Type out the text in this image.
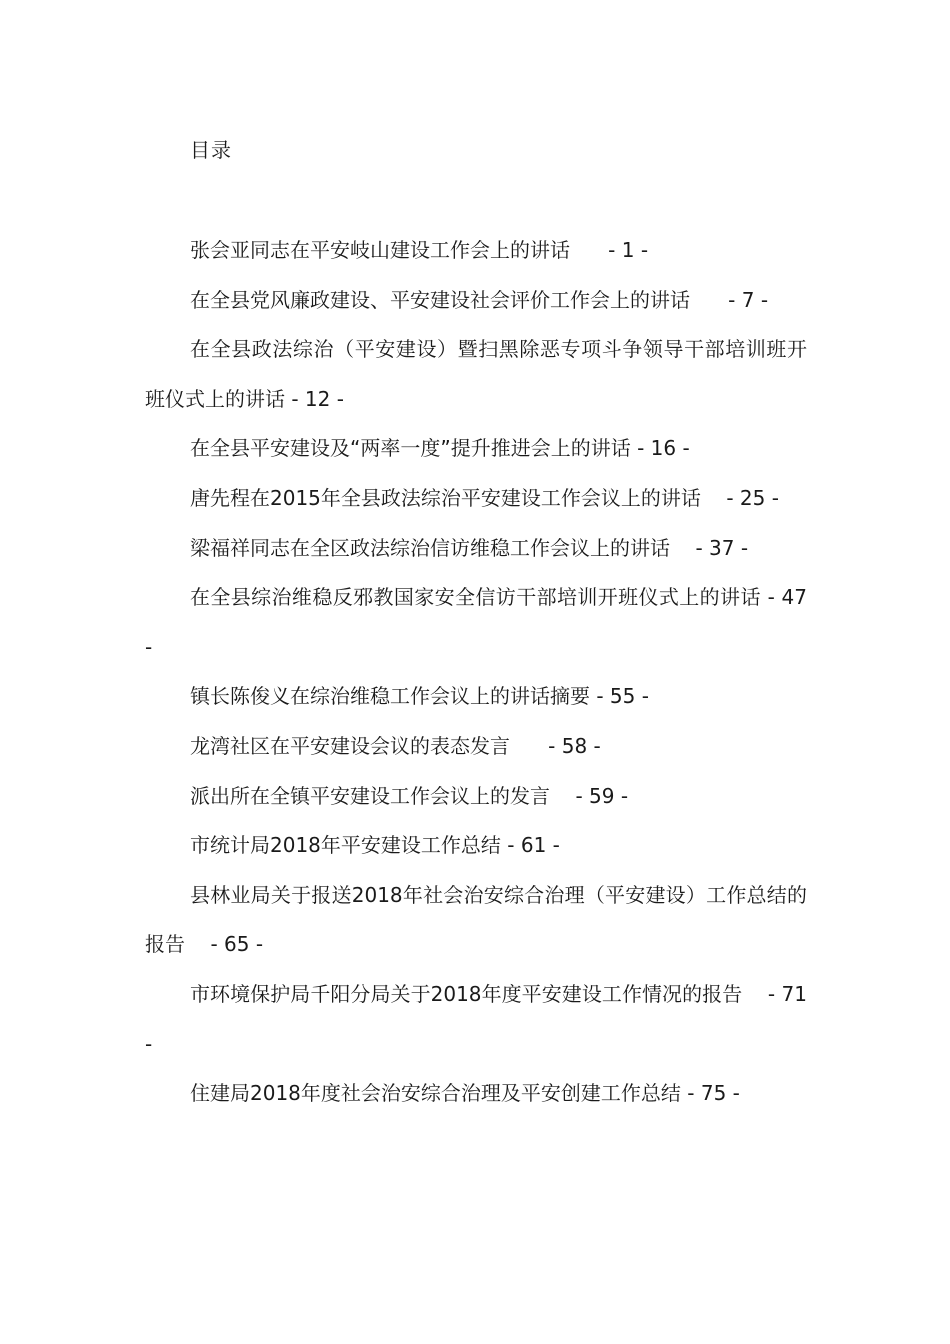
目录
张会亚同志在平安岐山建设工作会上的讲话 - 1 -
在全县党风廉政建设、平安建设社会评价工作会上的讲话 - 7 -
在全县政法综治（平安建设）暨扫黑除恶专项斗争领导干部培训班开班仪式上的讲话 - 12 -
在全县平安建设及“两率一度”提升推进会上的讲话 - 16 -
唐先程在2015年全县政法综治平安建设工作会议上的讲话 - 25 -
梁福祥同志在全区政法综治信访维稳工作会议上的讲话 - 37 -
在全县综治维稳反邪教国家安全信访干部培训开班仪式上的讲话 - 47 -
镇长陈俊义在综治维稳工作会议上的讲话摘要 - 55 -
龙湾社区在平安建设会议的表态发言 - 58 -
派出所在全镇平安建设工作会议上的发言 - 59 -
市统计局2018年平安建设工作总结 - 61 -
县林业局关于报送2018年社会治安综合治理（平安建设）工作总结的报告 - 65 -
市环境保护局千阳分局关于2018年度平安建设工作情况的报告 - 71 -
住建局2018年度社会治安综合治理及平安创建工作总结 - 75 -
